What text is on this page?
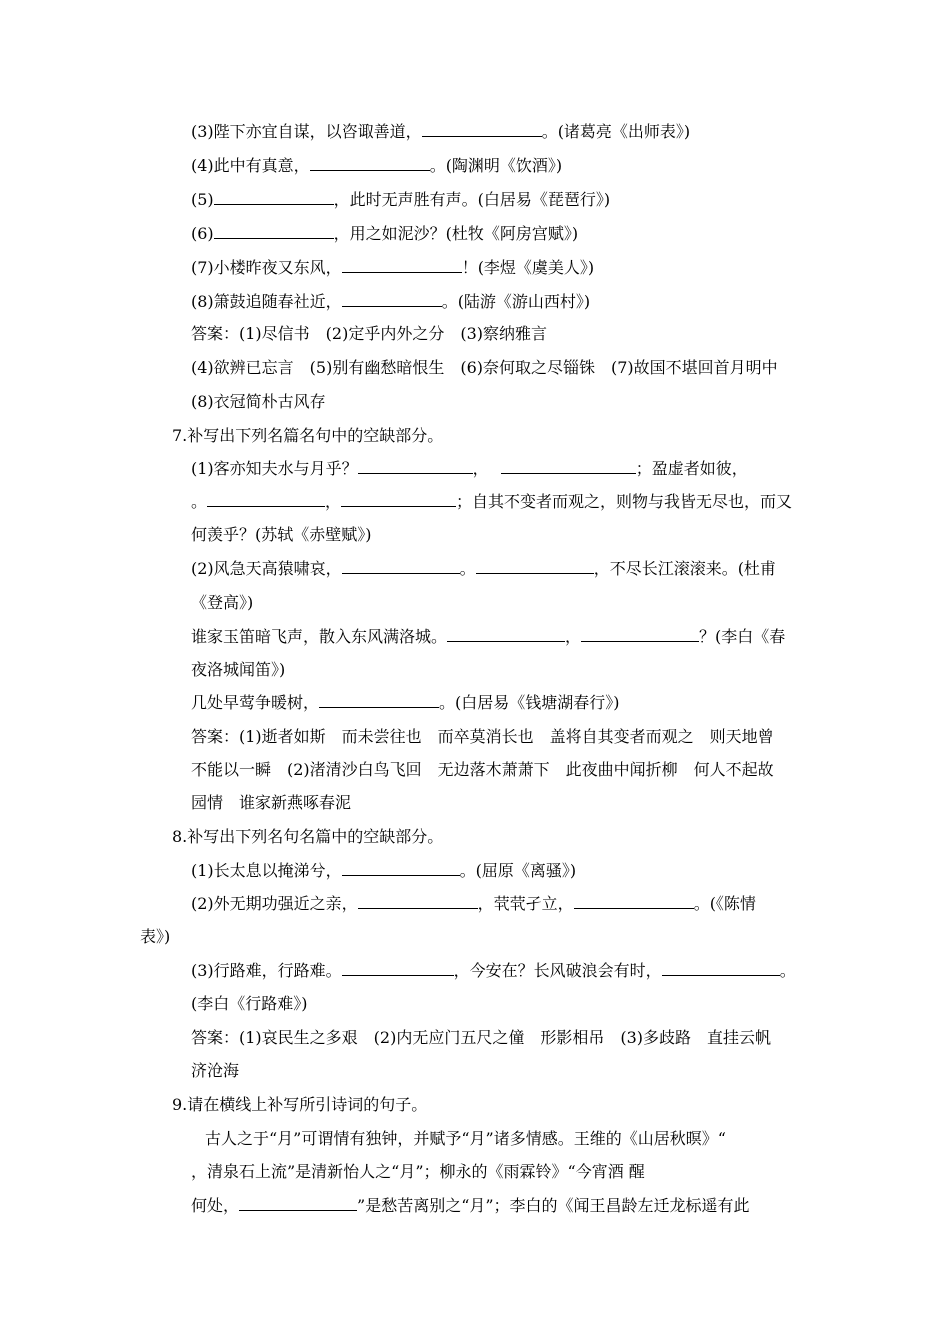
(3)陛下亦宜自谋，以咨诹善道，	。(诸葛亮《出师表》)
(4)此中有真意，	。(陶渊明《饮酒》)
(5)	，此时无声胜有声。(白居易《琵琶行》)
(6)	，用之如泥沙？(杜牧《阿房宫赋》)
(7)小楼昨夜又东风，	！(李煜《虞美人》)
(8)箫鼓追随春社近，	。(陆游《游山西村》)
答案：(1)尽信书　(2)定乎内外之分　(3)察纳雅言
(4)欲辨已忘言　(5)别有幽愁暗恨生　(6)奈何取之尽锱铢　(7)故国不堪回首月明中
(8)衣冠简朴古风存
7.补写出下列名篇名句中的空缺部分。
(1)客亦知夫水与月乎？	，	；盈虚者如彼，
。	，	；自其不变者而观之，则物与我皆无尽也，而又
何羡乎？(苏轼《赤壁赋》)
(2)风急天高猿啸哀，	。	，不尽长江滚滚来。(杜甫
《登高》)
谁家玉笛暗飞声，散入东风满洛城。	，	？(李白《春
夜洛城闻笛》)
几处早莺争暖树，	。(白居易《钱塘湖春行》)
答案：(1)逝者如斯　而未尝往也　而卒莫消长也　盖将自其变者而观之　则天地曾
不能以一瞬　(2)渚清沙白鸟飞回　无边落木萧萧下　此夜曲中闻折柳　何人不起故
园情　谁家新燕啄春泥
8.补写出下列名句名篇中的空缺部分。
(1)长太息以掩涕兮，	。(屈原《离骚》)
(2)外无期功强近之亲，	，茕茕孑立，	。(《陈情
表》)
(3)行路难，行路难。	，今安在？长风破浪会有时，	。
(李白《行路难》)
答案：(1)哀民生之多艰　(2)内无应门五尺之僮　形影相吊　(3)多歧路　直挂云帆
济沧海
9.请在横线上补写所引诗词的句子。
古人之于“月”可谓情有独钟，并赋予“月”诸多情感。王维的《山居秋暝》“
，清泉石上流”是清新怡人之“月”；柳永的《雨霖铃》“今宵酒 醒
何处，	”是愁苦离别之“月”；李白的《闻王昌龄左迁龙标遥有此
